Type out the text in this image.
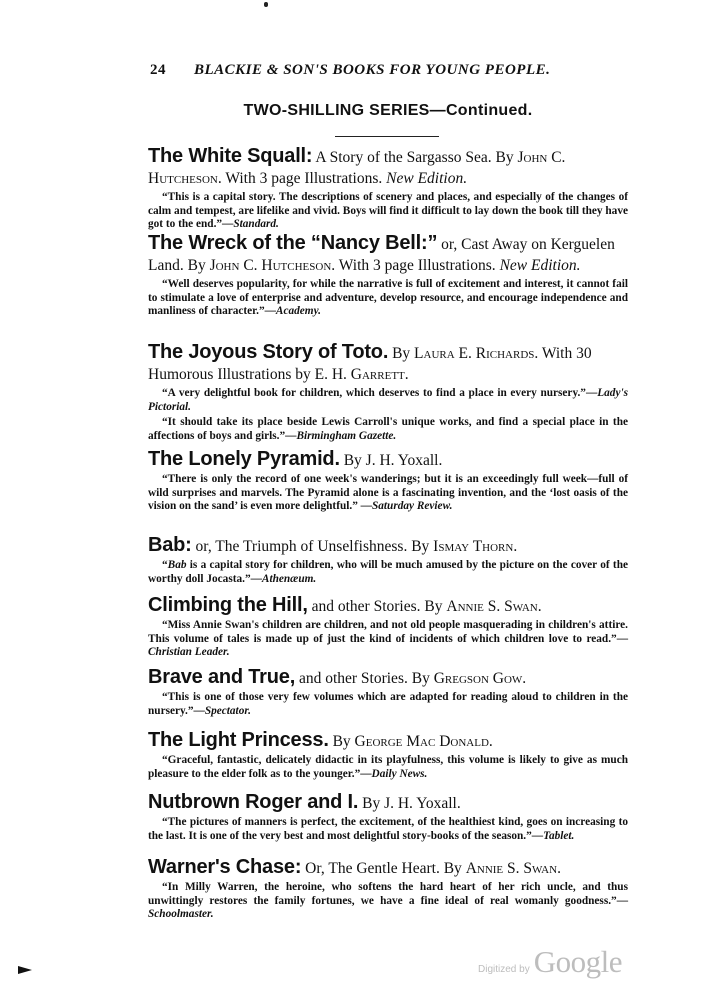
24 BLACKIE & SON'S BOOKS FOR YOUNG PEOPLE.
TWO-SHILLING SERIES—Continued.
The White Squall: A Story of the Sargasso Sea. By John C. Hutcheson. With 3 page Illustrations. New Edition.
“This is a capital story. The descriptions of scenery and places, and especially of the changes of calm and tempest, are lifelike and vivid. Boys will find it difficult to lay down the book till they have got to the end.”—Standard.
The Wreck of the “Nancy Bell:” or, Cast Away on Kerguelen Land. By John C. Hutcheson. With 3 page Illustrations. New Edition.
“Well deserves popularity, for while the narrative is full of excitement and interest, it cannot fail to stimulate a love of enterprise and adventure, develop resource, and encourage independence and manliness of character.”—Academy.
The Joyous Story of Toto. By Laura E. Richards. With 30 Humorous Illustrations by E. H. Garrett.
“A very delightful book for children, which deserves to find a place in every nursery.”—Lady's Pictorial.
“It should take its place beside Lewis Carroll's unique works, and find a special place in the affections of boys and girls.”—Birmingham Gazette.
The Lonely Pyramid. By J. H. Yoxall.
“There is only the record of one week's wanderings; but it is an exceedingly full week—full of wild surprises and marvels. The Pyramid alone is a fascinating invention, and the ‘lost oasis of the vision on the sand’ is even more delightful.” —Saturday Review.
Bab: or, The Triumph of Unselfishness. By Ismay Thorn.
“Bab is a capital story for children, who will be much amused by the picture on the cover of the worthy doll Jocasta.”—Athenæum.
Climbing the Hill, and other Stories. By Annie S. Swan.
“Miss Annie Swan's children are children, and not old people masquerading in children's attire. This volume of tales is made up of just the kind of incidents of which children love to read.”—Christian Leader.
Brave and True, and other Stories. By Gregson Gow.
“This is one of those very few volumes which are adapted for reading aloud to children in the nursery.”—Spectator.
The Light Princess. By George Mac Donald.
“Graceful, fantastic, delicately didactic in its playfulness, this volume is likely to give as much pleasure to the elder folk as to the younger.”—Daily News.
Nutbrown Roger and I. By J. H. Yoxall.
“The pictures of manners is perfect, the excitement, of the healthiest kind, goes on increasing to the last. It is one of the very best and most delightful story-books of the season.”—Tablet.
Warner's Chase: Or, The Gentle Heart. By Annie S. Swan.
“In Milly Warren, the heroine, who softens the hard heart of her rich uncle, and thus unwittingly restores the family fortunes, we have a fine ideal of real womanly goodness.”—Schoolmaster.
Digitized by Google
